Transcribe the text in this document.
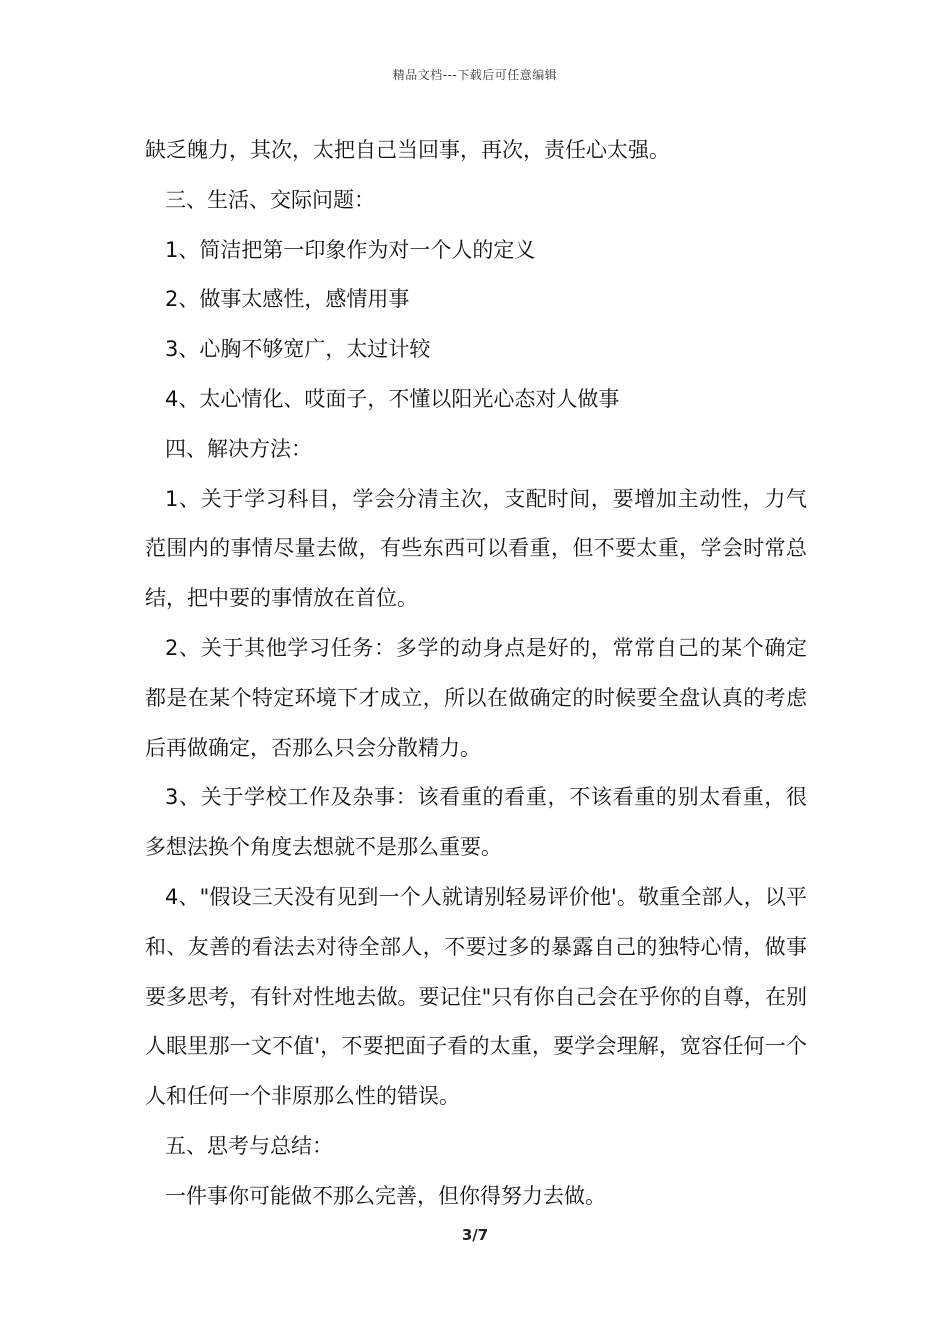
精品文档---下载后可任意编辑

缺乏魄力，其次，太把自己当回事，再次，责任心太强。

三、生活、交际问题：

1、简洁把第一印象作为对一个人的定义

2、做事太感性，感情用事

3、心胸不够宽广，太过计较

4、太心情化、哎面子，不懂以阳光心态对人做事

四、解决方法：

1、关于学习科目，学会分清主次，支配时间，要增加主动性，力气范围内的事情尽量去做，有些东西可以看重，但不要太重，学会时常总结，把中要的事情放在首位。

2、关于其他学习任务：多学的动身点是好的，常常自己的某个确定都是在某个特定环境下才成立，所以在做确定的时候要全盘认真的考虑后再做确定，否那么只会分散精力。

3、关于学校工作及杂事：该看重的看重，不该看重的别太看重，很多想法换个角度去想就不是那么重要。

4、"假设三天没有见到一个人就请别轻易评价他'。敬重全部人，以平和、友善的看法去对待全部人，不要过多的暴露自己的独特心情，做事要多思考，有针对性地去做。要记住"只有你自己会在乎你的自尊，在别人眼里那一文不值'，不要把面子看的太重，要学会理解，宽容任何一个人和任何一个非原那么性的错误。

五、思考与总结：

一件事你可能做不那么完善，但你得努力去做。

3/7
